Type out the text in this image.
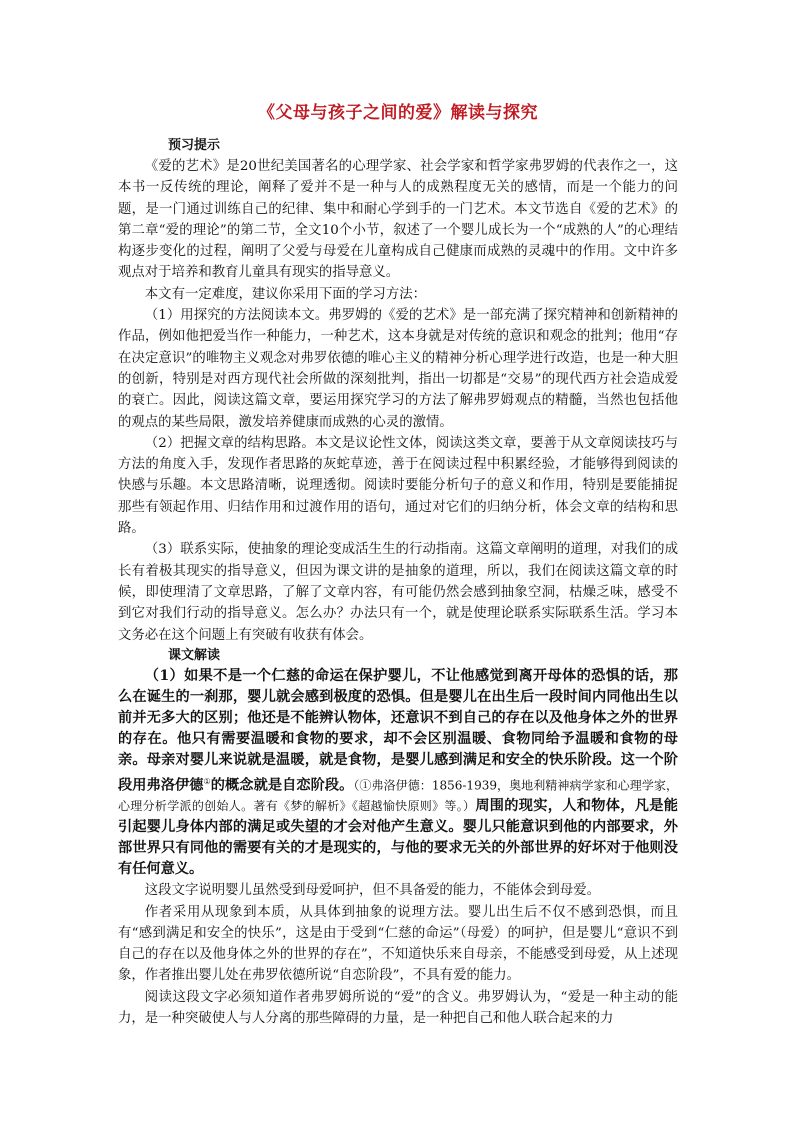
《父母与孩子之间的爱》解读与探究
预习提示

《爱的艺术》是20世纪美国著名的心理学家、社会学家和哲学家弗罗姆的代表作之一，这本书一反传统的理论，阐释了爱并不是一种与人的成熟程度无关的感情，而是一个能力的问题，是一门通过训练自己的纪律、集中和耐心学到手的一门艺术。本文节选自《爱的艺术》的第二章“爱的理论”的第二节，全文10个小节，叙述了一个婴儿成长为一个“成熟的人”的心理结构逐步变化的过程，阐明了父爱与母爱在儿童构成自己健康而成熟的灵魂中的作用。文中许多观点对于培养和教育儿童具有现实的指导意义。

本文有一定难度，建议你采用下面的学习方法：

（1）用探究的方法阅读本文。弗罗姆的《爱的艺术》是一部充满了探究精神和创新精神的作品，例如他把爱当作一种能力，一种艺术，这本身就是对传统的意识和观念的批判；他用“存在决定意识”的唯物主义观念对弗罗依德的唯心主义的精神分析心理学进行改造，也是一种大胆的创新，特别是对西方现代社会所做的深刻批判，指出一切都是“交易”的现代西方社会造成爱的衰亡。因此，阅读这篇文章，要运用探究学习的方法了解弗罗姆观点的精髓，当然也包括他的观点的某些局限，激发培养健康而成熟的心灵的激情。

（2）把握文章的结构思路。本文是议论性文体，阅读这类文章，要善于从文章阅读技巧与方法的角度入手，发现作者思路的灰蛇草迹，善于在阅读过程中积累经验，才能够得到阅读的快感与乐趣。本文思路清晰，说理透彻。阅读时要能分析句子的意义和作用，特别是要能捕捉那些有领起作用、归结作用和过渡作用的语句，通过对它们的归纳分析，体会文章的结构和思路。

（3）联系实际，使抽象的理论变成活生生的行动指南。这篇文章阐明的道理，对我们的成长有着极其现实的指导意义，但因为课文讲的是抽象的道理，所以，我们在阅读这篇文章的时候，即使理清了文章思路，了解了文章内容，有可能仍然会感到抽象空洞，枯燥乏味，感受不到它对我们行动的指导意义。怎么办？办法只有一个，就是使理论联系实际联系生活。学习本文务必在这个问题上有突破有收获有体会。

课文解读

（1）如果不是一个仁慈的命运在保护婴儿，不让他感觉到离开母体的恐惧的话，那么在诞生的一刹那，婴儿就会感到极度的恐惧。但是婴儿在出生后一段时间内同他出生以前并无多大的区别；他还是不能辨认物体，还意识不到自己的存在以及他身体之外的世界的存在。他只有需要温暖和食物的要求，却不会区别温暖、食物同给予温暖和食物的母亲。母亲对婴儿来说就是温暖，就是食物，是婴儿感到满足和安全的快乐阶段。这一个阶段用弗洛伊德①的概念就是自恋阶段。（①弗洛伊德：1856-1939，奥地利精神病学家和心理学家，心理分析学派的创始人。著有《梦的解析》《超越愉快原则》等。）周围的现实，人和物体，凡是能引起婴儿身体内部的满足或失望的才会对他产生意义。婴儿只能意识到他的内部要求，外部世界只有同他的需要有关的才是现实的，与他的要求无关的外部世界的好坏对于他则没有任何意义。

这段文字说明婴儿虽然受到母爱呵护，但不具备爱的能力，不能体会到母爱。

作者采用从现象到本质，从具体到抽象的说理方法。婴儿出生后不仅不感到恐惧，而且有“感到满足和安全的快乐”，这是由于受到“仁慈的命运”（母爱）的呵护，但是婴儿“意识不到自己的存在以及他身体之外的世界的存在”，不知道快乐来自母亲，不能感受到母爱，从上述现象，作者推出婴儿处在弗罗依德所说“自恋阶段”，不具有爱的能力。

阅读这段文字必须知道作者弗罗姆所说的“爱”的含义。弗罗姆认为，“爱是一种主动的能力，是一种突破使人与人分离的那些障碍的力量，是一种把自己和他人联合起来的力
